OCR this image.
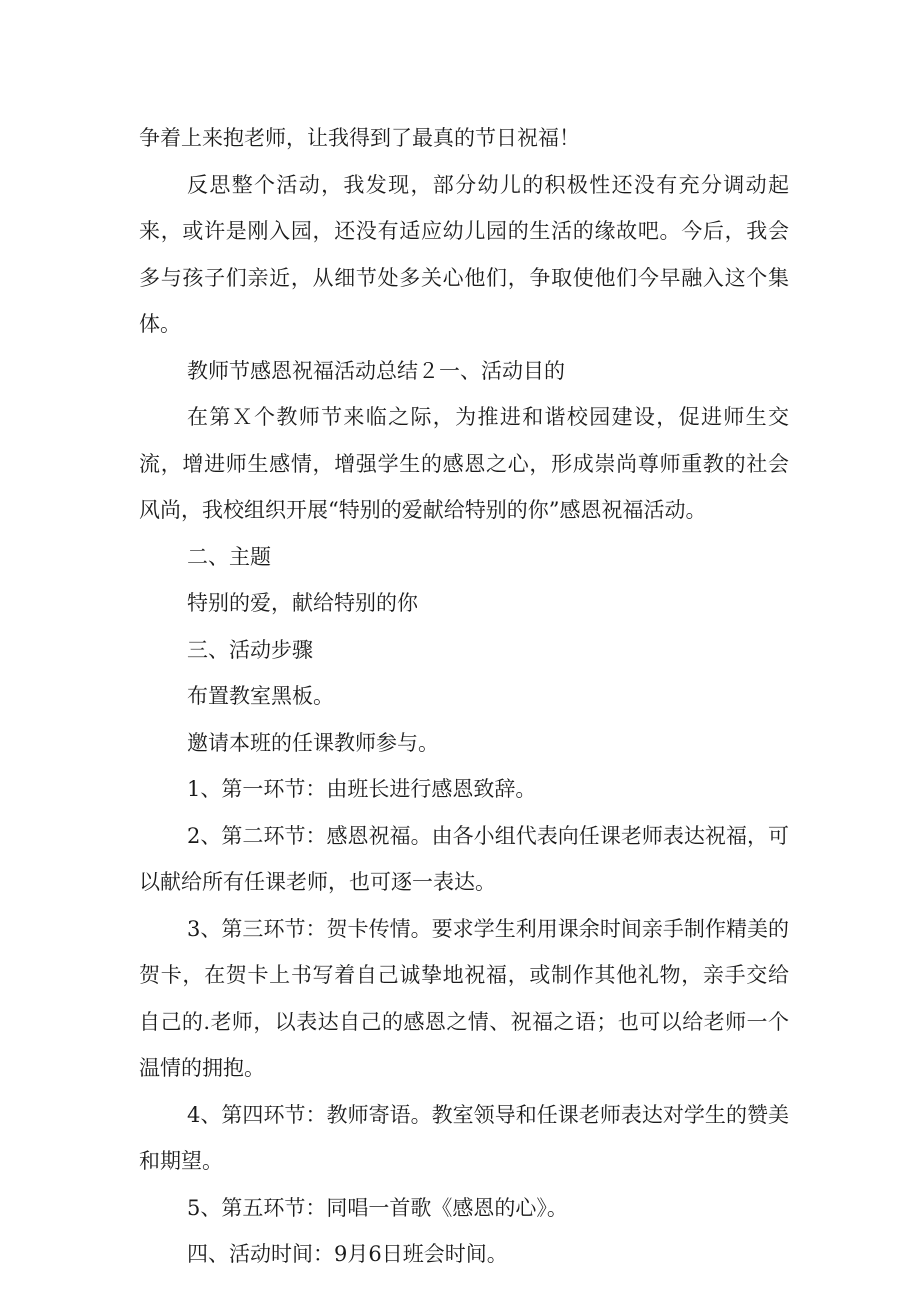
争着上来抱老师，让我得到了最真的节日祝福！

反思整个活动，我发现，部分幼儿的积极性还没有充分调动起来，或许是刚入园，还没有适应幼儿园的生活的缘故吧。今后，我会多与孩子们亲近，从细节处多关心他们，争取使他们今早融入这个集体。

教师节感恩祝福活动总结２一、活动目的

在第Ｘ个教师节来临之际，为推进和谐校园建设，促进师生交流，增进师生感情，增强学生的感恩之心，形成崇尚尊师重教的社会风尚，我校组织开展“特别的爱献给特别的你”感恩祝福活动。

二、主题

特别的爱，献给特别的你

三、活动步骤

布置教室黑板。

邀请本班的任课教师参与。

1、第一环节：由班长进行感恩致辞。

2、第二环节：感恩祝福。由各小组代表向任课老师表达祝福，可以献给所有任课老师，也可逐一表达。

3、第三环节：贺卡传情。要求学生利用课余时间亲手制作精美的贺卡，在贺卡上书写着自己诚挚地祝福，或制作其他礼物，亲手交给自己的.老师，以表达自己的感恩之情、祝福之语；也可以给老师一个温情的拥抱。

4、第四环节：教师寄语。教室领导和任课老师表达对学生的赞美和期望。

5、第五环节：同唱一首歌《感恩的心》。

四、活动时间：9月6日班会时间。
